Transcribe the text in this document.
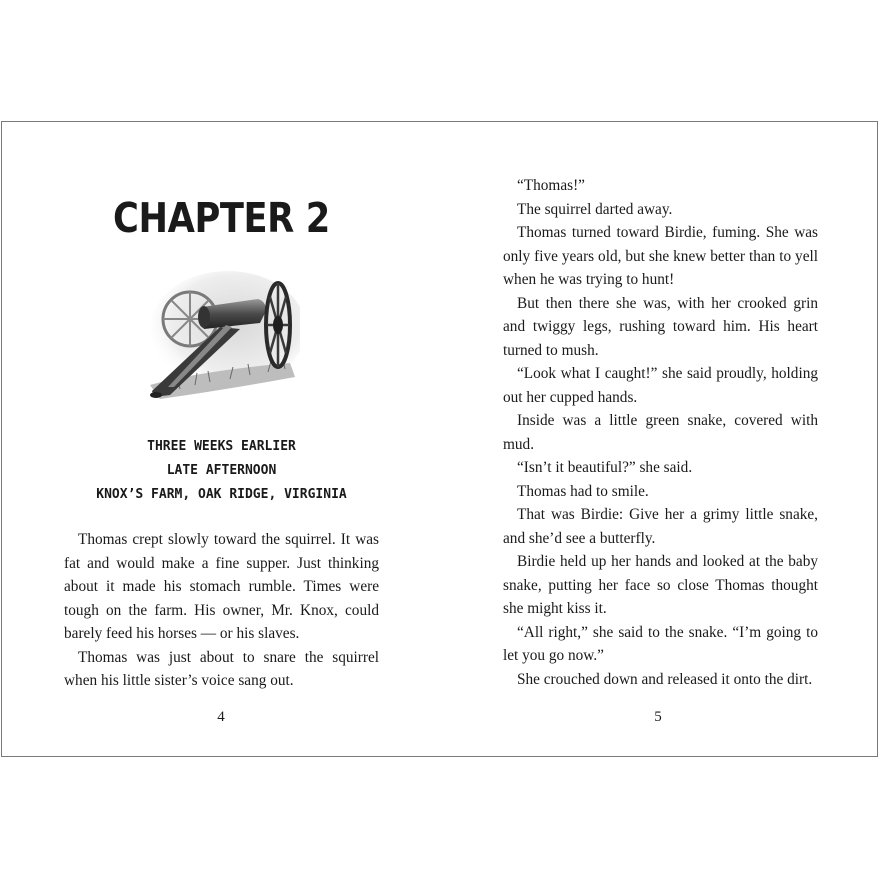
CHAPTER 2
THREE WEEKS EARLIER
LATE AFTERNOON
KNOX’S FARM, OAK RIDGE, VIRGINIA

Thomas crept slowly toward the squirrel. It was fat and would make a fine supper. Just thinking about it made his stomach rumble. Times were tough on the farm. His owner, Mr. Knox, could barely feed his horses — or his slaves.

Thomas was just about to snare the squirrel when his little sister’s voice sang out.

4

“Thomas!”

The squirrel darted away.

Thomas turned toward Birdie, fuming. She was only five years old, but she knew better than to yell when he was trying to hunt!

But then there she was, with her crooked grin and twiggy legs, rushing toward him. His heart turned to mush.

“Look what I caught!” she said proudly, holding out her cupped hands.

Inside was a little green snake, covered with mud.

“Isn’t it beautiful?” she said.

Thomas had to smile.

That was Birdie: Give her a grimy little snake, and she’d see a butterfly.

Birdie held up her hands and looked at the baby snake, putting her face so close Thomas thought she might kiss it.

“All right,” she said to the snake. “I’m going to let you go now.”

She crouched down and released it onto the dirt.

5
